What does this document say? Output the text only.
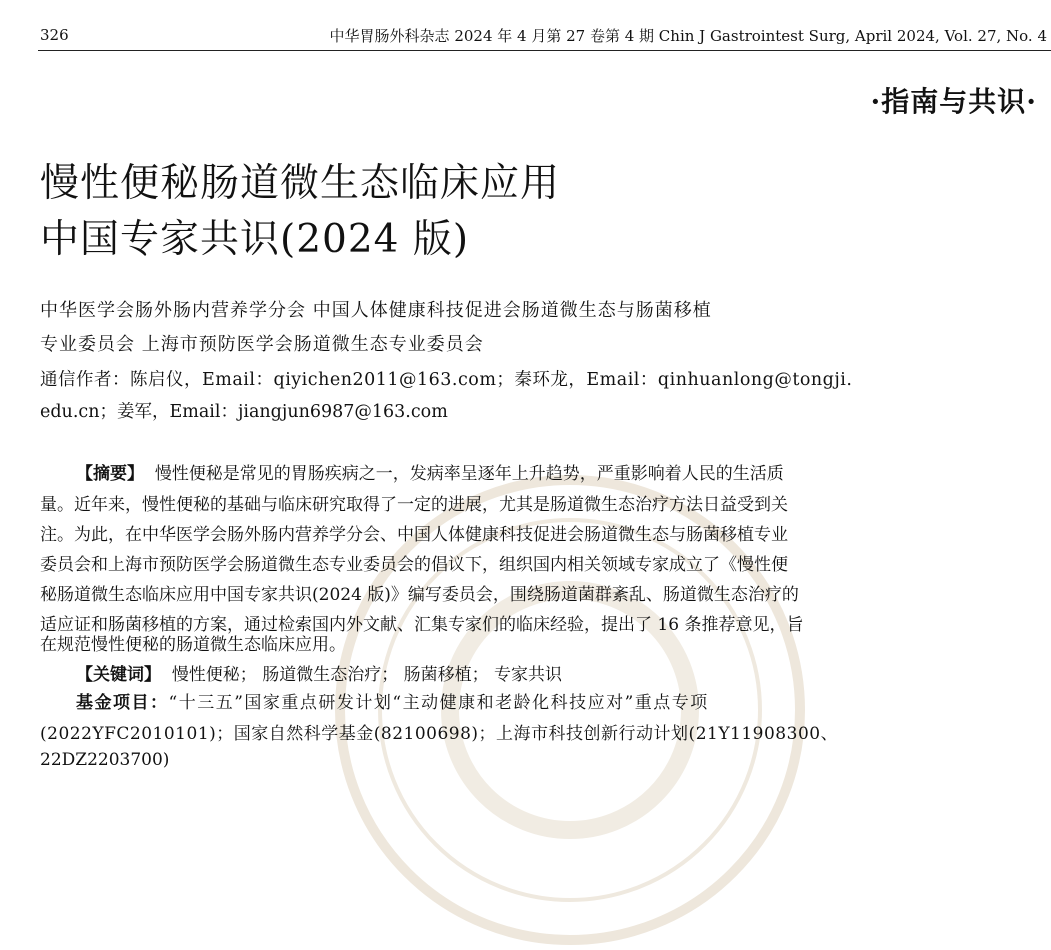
326	中华胃肠外科杂志 2024 年 4 月第 27 卷第 4 期 Chin J Gastrointest Surg, April 2024, Vol. 27, No. 4
·指南与共识·
慢性便秘肠道微生态临床应用
中国专家共识(2024 版)
中华医学会肠外肠内营养学分会 中国人体健康科技促进会肠道微生态与肠菌移植
专业委员会 上海市预防医学会肠道微生态专业委员会
通信作者：陈启仪，Email：qiyichen2011@163.com；秦环龙，Email：qinhuanlong@tongji.
edu.cn；姜军，Email：jiangjun6987@163.com
【摘要】 慢性便秘是常见的胃肠疾病之一，发病率呈逐年上升趋势，严重影响着人民的生活质
量。近年来，慢性便秘的基础与临床研究取得了一定的进展，尤其是肠道微生态治疗方法日益受到关
注。为此，在中华医学会肠外肠内营养学分会、中国人体健康科技促进会肠道微生态与肠菌移植专业
委员会和上海市预防医学会肠道微生态专业委员会的倡议下，组织国内相关领域专家成立了《慢性便
秘肠道微生态临床应用中国专家共识(2024 版)》编写委员会，围绕肠道菌群紊乱、肠道微生态治疗的
适应证和肠菌移植的方案，通过检索国内外文献、汇集专家们的临床经验，提出了 16 条推荐意见，旨
在规范慢性便秘的肠道微生态临床应用。
【关键词】 慢性便秘； 肠道微生态治疗； 肠菌移植； 专家共识
基金项目：“十三五”国家重点研发计划“主动健康和老龄化科技应对”重点专项
(2022YFC2010101)；国家自然科学基金(82100698)；上海市科技创新行动计划(21Y11908300、
22DZ2203700)
